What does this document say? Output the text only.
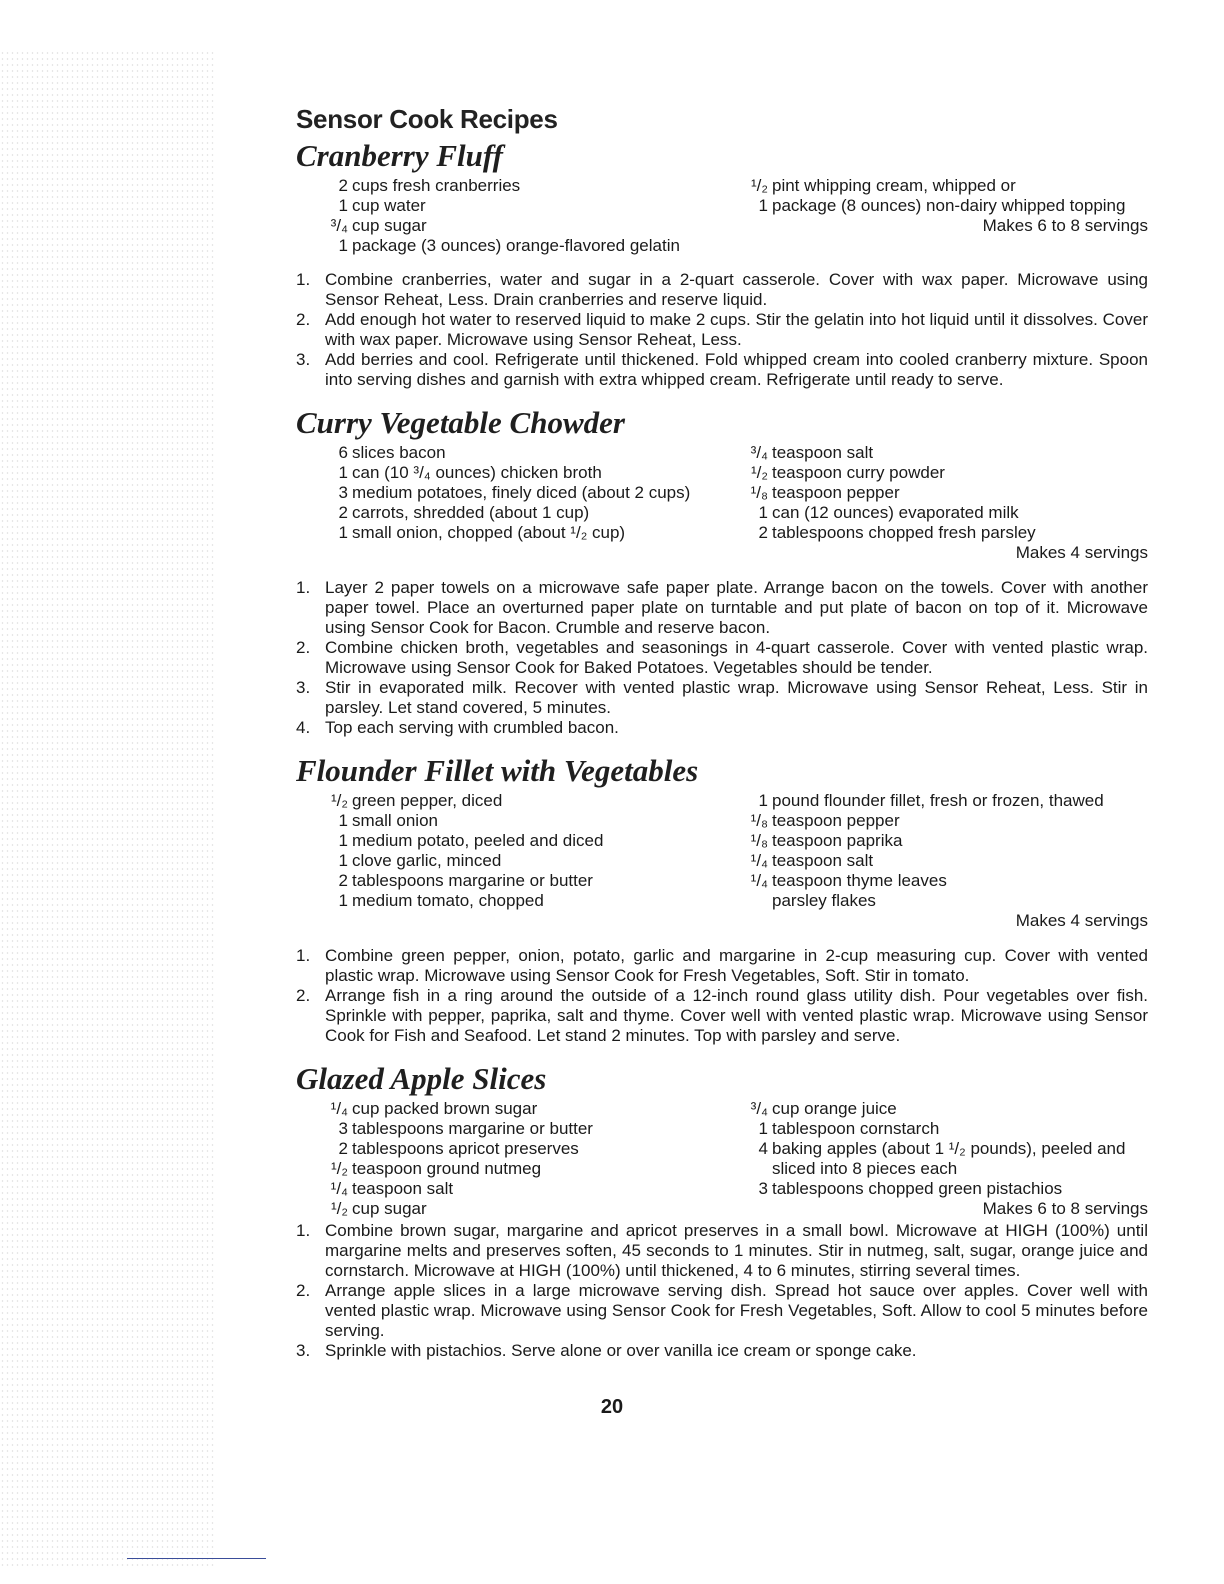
Sensor Cook Recipes
Cranberry Fluff
2 cups fresh cranberries
1 cup water
³/₄ cup sugar
1 package (3 ounces) orange-flavored gelatin
¹/₂ pint whipping cream, whipped or
1 package (8 ounces) non-dairy whipped topping
Makes 6 to 8 servings
1. Combine cranberries, water and sugar in a 2-quart casserole. Cover with wax paper. Microwave using Sensor Reheat, Less. Drain cranberries and reserve liquid.
2. Add enough hot water to reserved liquid to make 2 cups. Stir the gelatin into hot liquid until it dissolves. Cover with wax paper. Microwave using Sensor Reheat, Less.
3. Add berries and cool. Refrigerate until thickened. Fold whipped cream into cooled cranberry mixture. Spoon into serving dishes and garnish with extra whipped cream. Refrigerate until ready to serve.
Curry Vegetable Chowder
6 slices bacon
1 can (10 ³/₄ ounces) chicken broth
3 medium potatoes, finely diced (about 2 cups)
2 carrots, shredded (about 1 cup)
1 small onion, chopped (about ¹/₂ cup)
³/₄ teaspoon salt
¹/₂ teaspoon curry powder
¹/₈ teaspoon pepper
1 can (12 ounces) evaporated milk
2 tablespoons chopped fresh parsley
Makes 4 servings
1. Layer 2 paper towels on a microwave safe paper plate. Arrange bacon on the towels. Cover with another paper towel. Place an overturned paper plate on turntable and put plate of bacon on top of it. Microwave using Sensor Cook for Bacon. Crumble and reserve bacon.
2. Combine chicken broth, vegetables and seasonings in 4-quart casserole. Cover with vented plastic wrap. Microwave using Sensor Cook for Baked Potatoes. Vegetables should be tender.
3. Stir in evaporated milk. Recover with vented plastic wrap. Microwave using Sensor Reheat, Less. Stir in parsley. Let stand covered, 5 minutes.
4. Top each serving with crumbled bacon.
Flounder Fillet with Vegetables
¹/₂ green pepper, diced
1 small onion
1 medium potato, peeled and diced
1 clove garlic, minced
2 tablespoons margarine or butter
1 medium tomato, chopped
1 pound flounder fillet, fresh or frozen, thawed
¹/₈ teaspoon pepper
¹/₈ teaspoon paprika
¹/₄ teaspoon salt
¹/₄ teaspoon thyme leaves
parsley flakes
Makes 4 servings
1. Combine green pepper, onion, potato, garlic and margarine in 2-cup measuring cup. Cover with vented plastic wrap. Microwave using Sensor Cook for Fresh Vegetables, Soft. Stir in tomato.
2. Arrange fish in a ring around the outside of a 12-inch round glass utility dish. Pour vegetables over fish. Sprinkle with pepper, paprika, salt and thyme. Cover well with vented plastic wrap. Microwave using Sensor Cook for Fish and Seafood. Let stand 2 minutes. Top with parsley and serve.
Glazed Apple Slices
¹/₄ cup packed brown sugar
3 tablespoons margarine or butter
2 tablespoons apricot preserves
¹/₂ teaspoon ground nutmeg
¹/₄ teaspoon salt
¹/₂ cup sugar
³/₄ cup orange juice
1 tablespoon cornstarch
4 baking apples (about 1 ¹/₂ pounds), peeled and
sliced into 8 pieces each
3 tablespoons chopped green pistachios
Makes 6 to 8 servings
1. Combine brown sugar, margarine and apricot preserves in a small bowl. Microwave at HIGH (100%) until margarine melts and preserves soften, 45 seconds to 1 minutes. Stir in nutmeg, salt, sugar, orange juice and cornstarch. Microwave at HIGH (100%) until thickened, 4 to 6 minutes, stirring several times.
2. Arrange apple slices in a large microwave serving dish. Spread hot sauce over apples. Cover well with vented plastic wrap. Microwave using Sensor Cook for Fresh Vegetables, Soft. Allow to cool 5 minutes before serving.
3. Sprinkle with pistachios. Serve alone or over vanilla ice cream or sponge cake.
20
